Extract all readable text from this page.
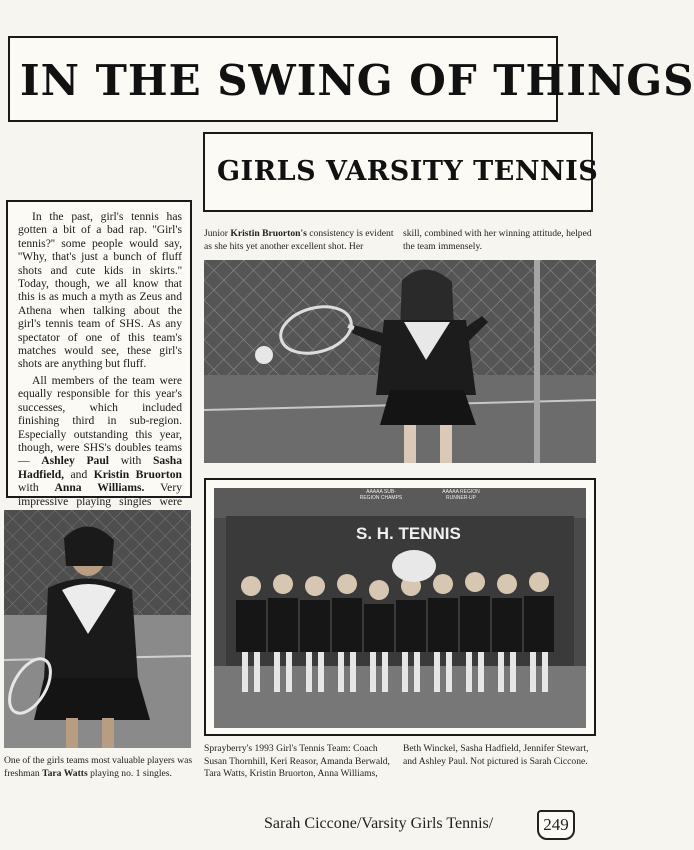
IN THE SWING OF THINGS
GIRLS VARSITY TENNIS

In the past, girl's tennis has gotten a bit of a bad rap. ''Girl's tennis?'' some people would say, ''Why, that's just a bunch of fluff shots and cute kids in skirts.'' Today, though, we all know that this is as much a myth as Zeus and Athena when talking about the girl's tennis team of SHS. As any spectator of one of this team's matches would see, these girl's shots are anything but fluff.

All members of the team were equally responsible for this year's successes, which included finishing third in sub-region. Especially outstanding this year, though, were SHS's doubles teams — Ashley Paul with Sasha Hadfield, and Kristin Bruorton with Anna Williams. Very impressive playing singles were

Junior Kristin Bruorton's consistency is evident as she hits yet another excellent shot. Her
skill, combined with her winning attitude, helped the team immensely.
AAAAA SUB-REGION CHAMPS
AAAAA REGION RUNNER-UP
S. H. TENNIS
One of the girls teams most valuable players was freshman Tara Watts playing no. 1 singles.
Sprayberry's 1993 Girl's Tennis Team: Coach Susan Thornhill, Keri Reasor, Amanda Berwald, Tara Watts, Kristin Bruorton, Anna Williams,
Beth Winckel, Sasha Hadfield, Jennifer Stewart, and Ashley Paul. Not pictured is Sarah Ciccone.
Sarah Ciccone/Varsity Girls Tennis/	249
